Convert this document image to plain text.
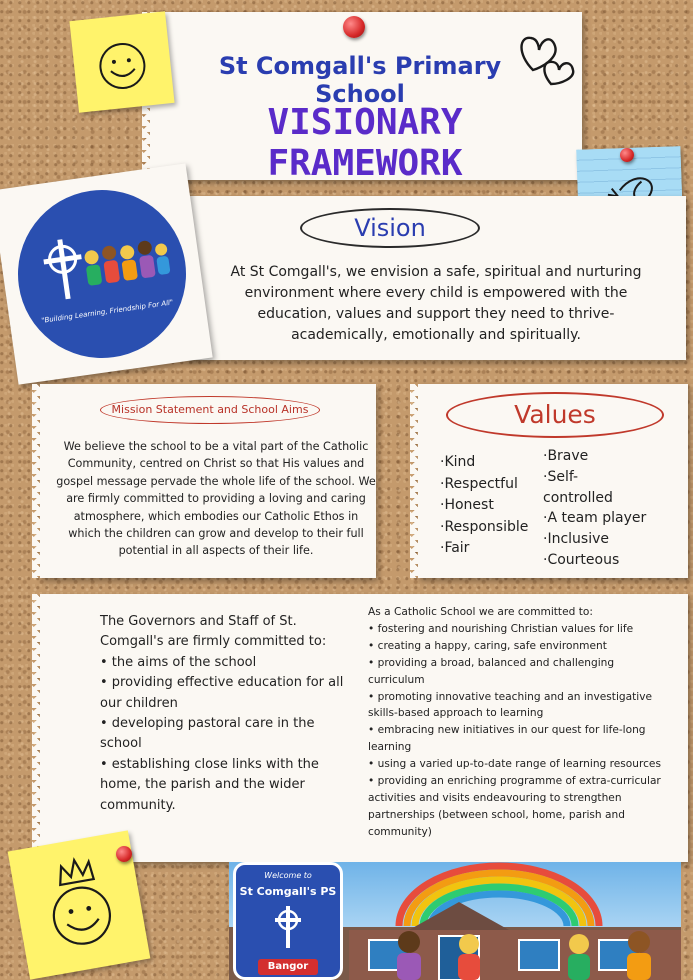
St Comgall's Primary School
VISIONARY FRAMEWORK
"Building Learning, Friendship For All"
Vision
At St Comgall's, we envision a safe, spiritual and nurturing environment where every child is empowered with the education, values and support they need to thrive- academically, emotionally and spiritually.
Mission Statement and School Aims
We believe the school to be a vital part of the Catholic Community, centred on Christ so that His values and gospel message pervade the whole life of the school. We are firmly committed to providing a loving and caring atmosphere, which embodies our Catholic Ethos in which the children can grow and develop to their full potential in all aspects of their life.
Values
·Kind
·Respectful
·Honest
·Responsible
·Fair
·Brave
·Self-
controlled
·A team player
·Inclusive
·Courteous
The Governors and Staff of St. Comgall's are firmly committed to:
• the aims of the school
• providing effective education for all our children
• developing pastoral care in the school
• establishing close links with the home, the parish and the wider community.
As a Catholic School we are committed to:
• fostering and nourishing Christian values for life
• creating a happy, caring, safe environment
• providing a broad, balanced and challenging curriculum
• promoting innovative teaching and an investigative skills-based approach to learning
• embracing new initiatives in our quest for life-long learning
• using a varied up-to-date range of learning resources
• providing an enriching programme of extra-curricular activities and visits endeavouring to strengthen partnerships (between school, home, parish and community)
Welcome to
St Comgall's PS
Bangor
